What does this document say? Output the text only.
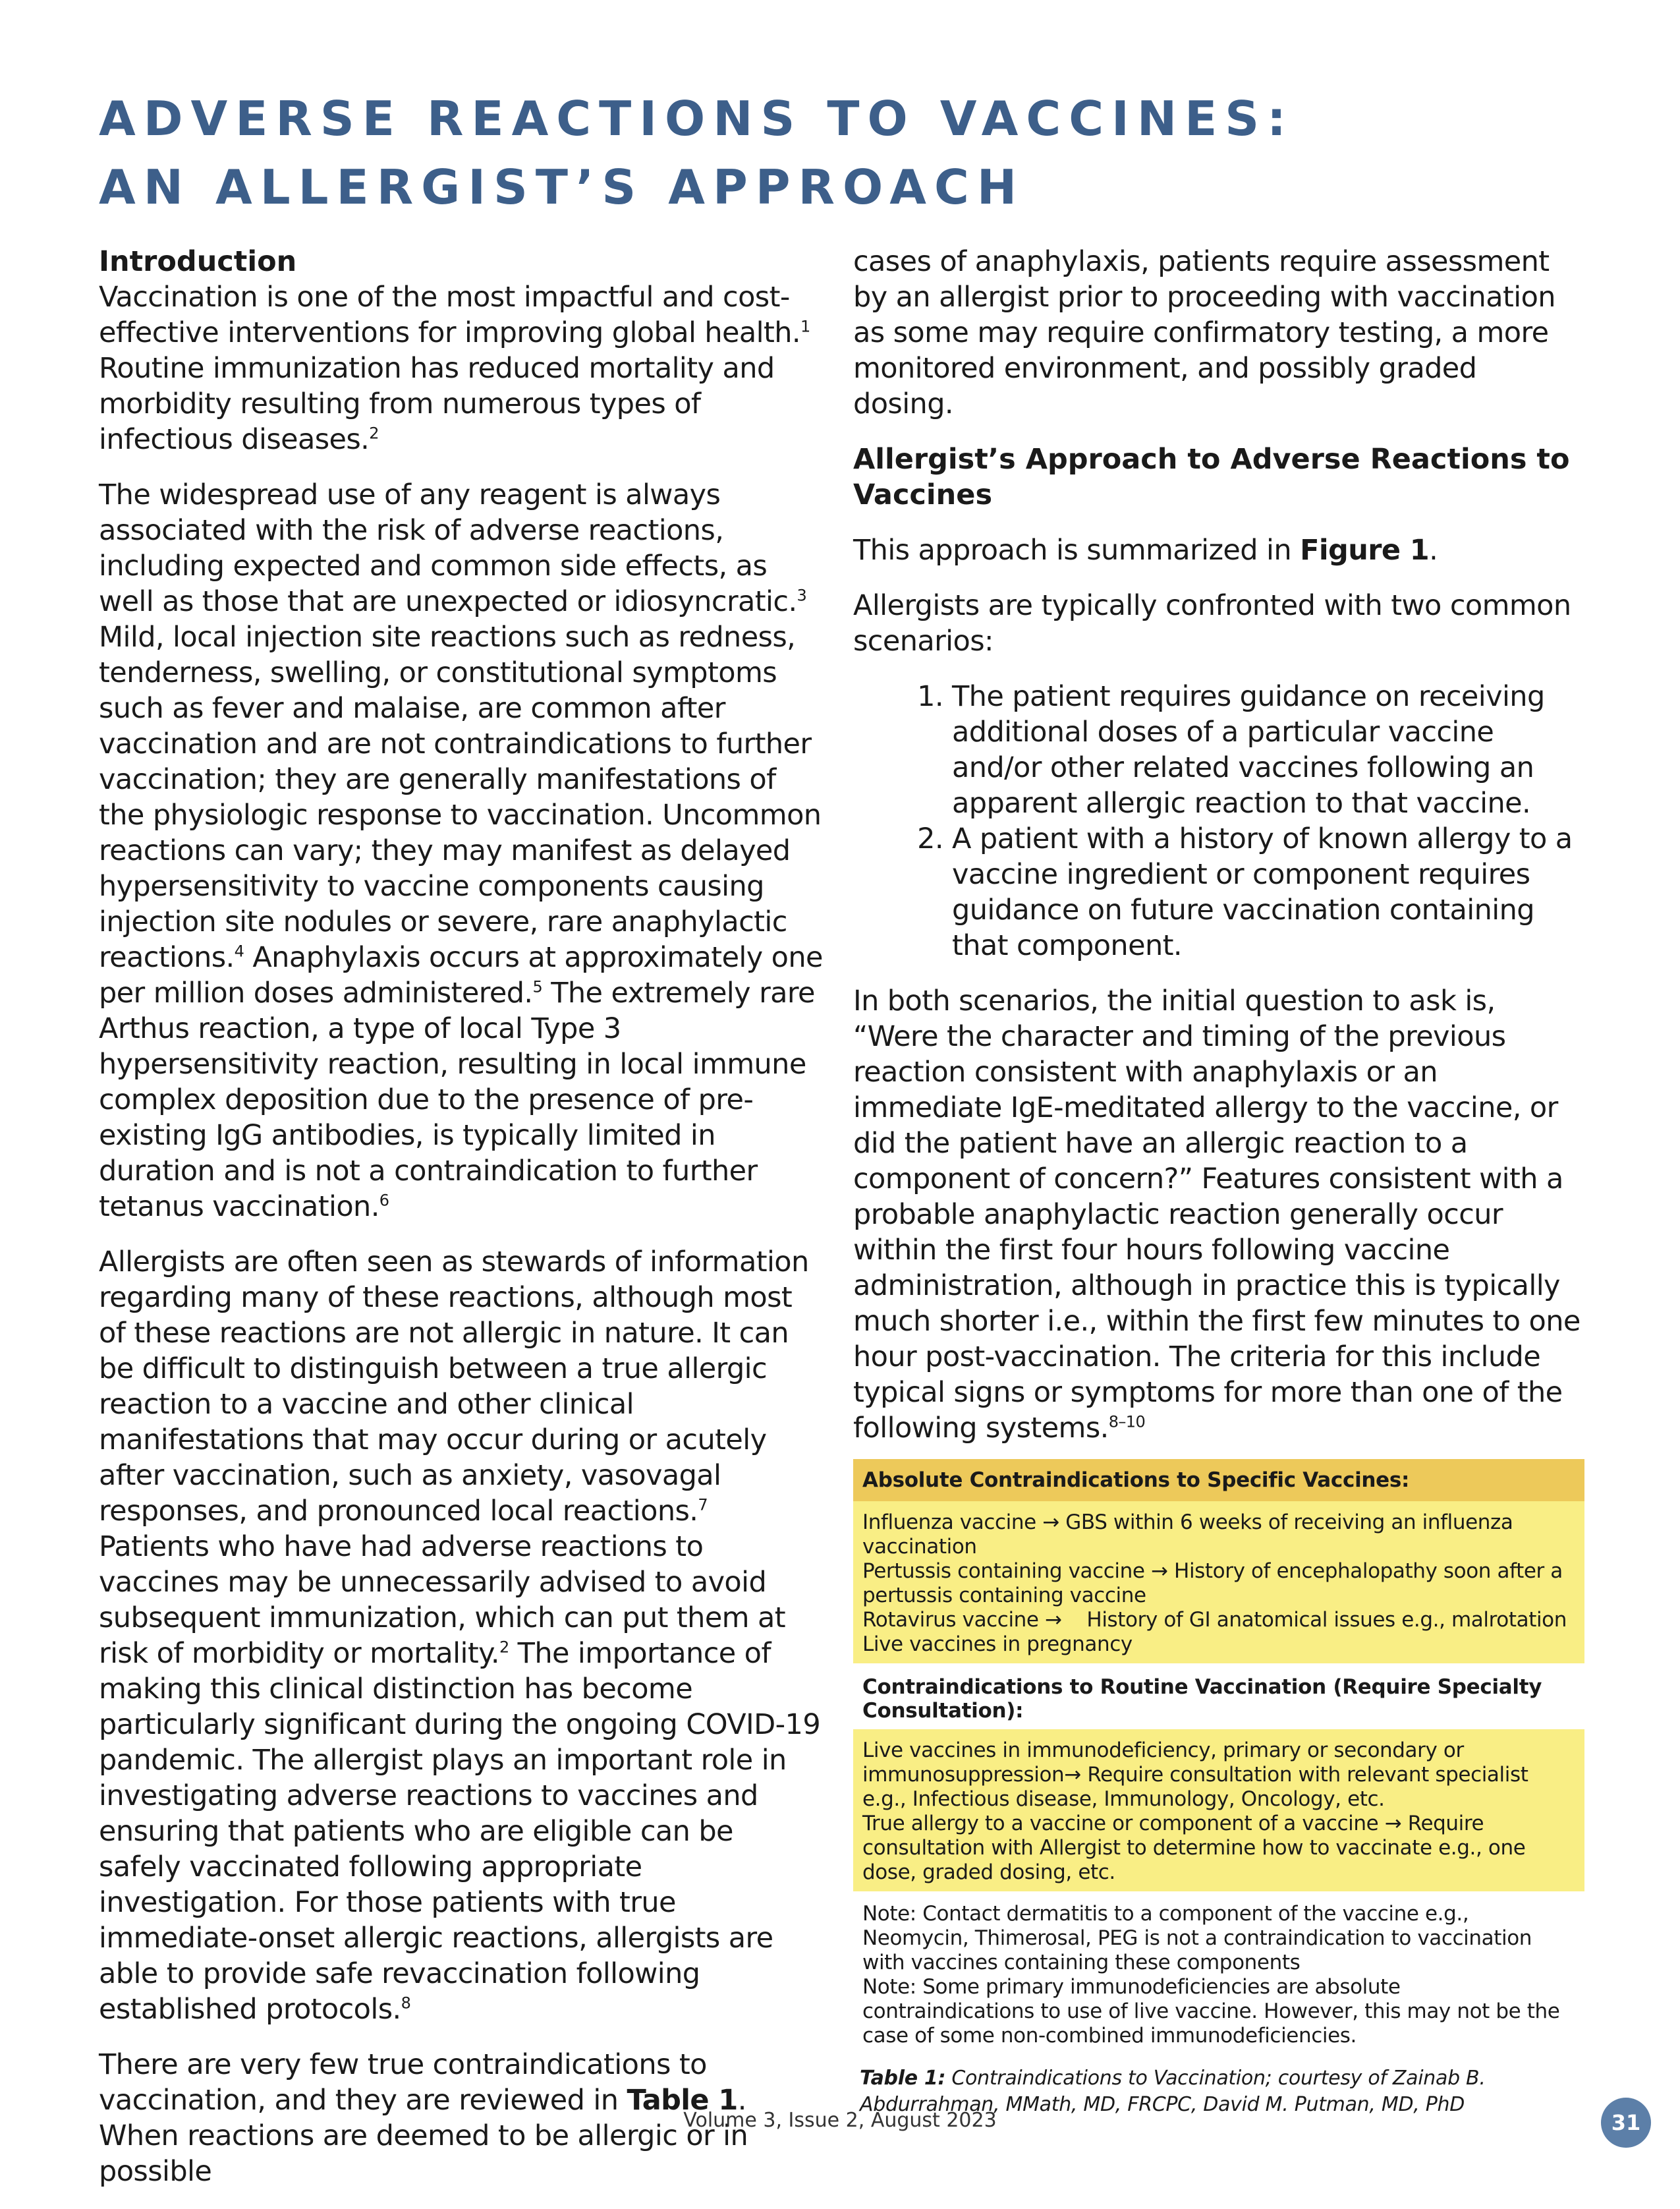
ADVERSE REACTIONS TO VACCINES:
AN ALLERGIST’S APPROACH
Introduction

Vaccination is one of the most impactful and cost-effective interventions for improving global health.$^1$ Routine immunization has reduced mortality and morbidity resulting from numerous types of infectious diseases.$^2$

The widespread use of any reagent is always associated with the risk of adverse reactions, including expected and common side effects, as well as those that are unexpected or idiosyncratic.$^3$ Mild, local injection site reactions such as redness, tenderness, swelling, or constitutional symptoms such as fever and malaise, are common after vaccination and are not contraindications to further vaccination; they are generally manifestations of the physiologic response to vaccination. Uncommon reactions can vary; they may manifest as delayed hypersensitivity to vaccine components causing injection site nodules or severe, rare anaphylactic reactions.$^4$ Anaphylaxis occurs at approximately one per million doses administered.$^5$ The extremely rare Arthus reaction, a type of local Type 3 hypersensitivity reaction, resulting in local immune complex deposition due to the presence of pre-existing IgG antibodies, is typically limited in duration and is not a contraindication to further tetanus vaccination.$^6$

Allergists are often seen as stewards of information regarding many of these reactions, although most of these reactions are not allergic in nature. It can be difficult to distinguish between a true allergic reaction to a vaccine and other clinical manifestations that may occur during or acutely after vaccination, such as anxiety, vasovagal responses, and pronounced local reactions.$^7$ Patients who have had adverse reactions to vaccines may be unnecessarily advised to avoid subsequent immunization, which can put them at risk of morbidity or mortality.$^2$ The importance of making this clinical distinction has become particularly significant during the ongoing COVID-19 pandemic. The allergist plays an important role in investigating adverse reactions to vaccines and ensuring that patients who are eligible can be safely vaccinated following appropriate investigation. For those patients with true immediate-onset allergic reactions, allergists are able to provide safe revaccination following established protocols.$^8$

There are very few true contraindications to vaccination, and they are reviewed in Table 1. When reactions are deemed to be allergic or in possible

cases of anaphylaxis, patients require assessment by an allergist prior to proceeding with vaccination as some may require confirmatory testing, a more monitored environment, and possibly graded dosing.

Allergist’s Approach to Adverse Reactions to Vaccines

This approach is summarized in Figure 1.

Allergists are typically confronted with two common scenarios:

1. The patient requires guidance on receiving additional doses of a particular vaccine and/or other related vaccines following an apparent allergic reaction to that vaccine.
2. A patient with a history of known allergy to a vaccine ingredient or component requires guidance on future vaccination containing that component.

In both scenarios, the initial question to ask is, “Were the character and timing of the previous reaction consistent with anaphylaxis or an immediate IgE-meditated allergy to the vaccine, or did the patient have an allergic reaction to a component of concern?” Features consistent with a probable anaphylactic reaction generally occur within the first four hours following vaccine administration, although in practice this is typically much shorter i.e., within the first few minutes to one hour post-vaccination. The criteria for this include typical signs or symptoms for more than one of the following systems.$^{8-10}$

Absolute Contraindications to Specific Vaccines:
Influenza vaccine → GBS within 6 weeks of receiving an influenza vaccination
Pertussis containing vaccine → History of encephalopathy soon after a pertussis containing vaccine
Rotavirus vaccine →    History of GI anatomical issues e.g., malrotation
Live vaccines in pregnancy
Contraindications to Routine Vaccination (Require Specialty Consultation):
Live vaccines in immunodeficiency, primary or secondary or immunosuppression→ Require consultation with relevant specialist e.g., Infectious disease, Immunology, Oncology, etc.
True allergy to a vaccine or component of a vaccine → Require consultation with Allergist to determine how to vaccinate e.g., one dose, graded dosing, etc.
Note: Contact dermatitis to a component of the vaccine e.g., Neomycin, Thimerosal, PEG is not a contraindication to vaccination with vaccines containing these components
Note: Some primary immunodeficiencies are absolute contraindications to use of live vaccine. However, this may not be the case of some non-combined immunodeficiencies.
Table 1: Contraindications to Vaccination; courtesy of Zainab B. Abdurrahman, MMath, MD, FRCPC, David M. Putman, MD, PhD
Volume 3, Issue 2, August 2023	31
